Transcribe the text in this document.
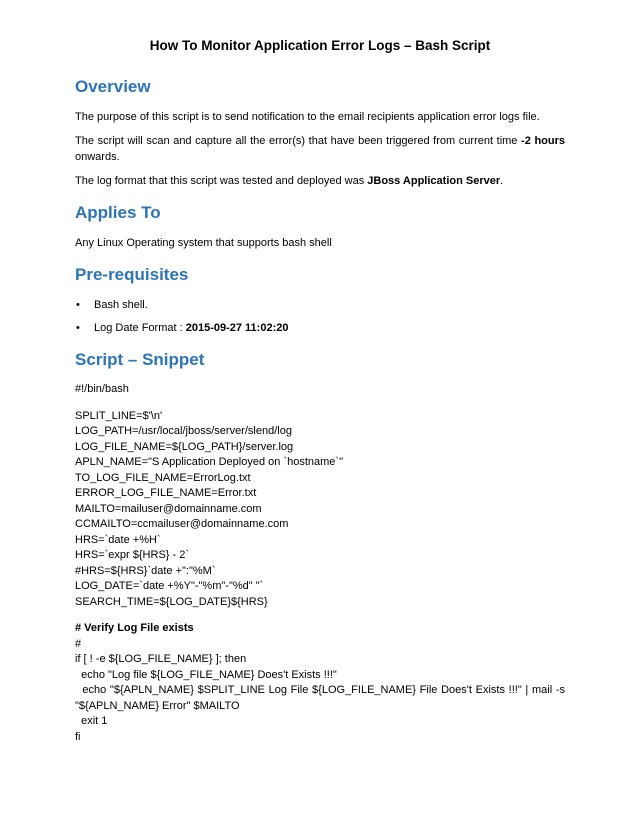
How To Monitor Application Error Logs – Bash Script
Overview

The purpose of this script is to send notification to the email recipients application error logs file.

The script will scan and capture all the error(s) that have been triggered from current time -2 hours onwards.

The log format that this script was tested and deployed was JBoss Application Server.

Applies To

Any Linux Operating system that supports bash shell

Pre-requisites
• Bash shell.
• Log Date Format : 2015-09-27 11:02:20
Script – Snippet
#!/bin/bash
SPLIT_LINE=$'\n'
LOG_PATH=/usr/local/jboss/server/slend/log
LOG_FILE_NAME=${LOG_PATH}/server.log
APLN_NAME="S Application Deployed on `hostname`"
TO_LOG_FILE_NAME=ErrorLog.txt
ERROR_LOG_FILE_NAME=Error.txt
MAILTO=mailuser@domainname.com
CCMAILTO=ccmailuser@domainname.com
HRS=`date +%H`
HRS=`expr ${HRS} - 2`
#HRS=${HRS}`date +":"%M`
LOG_DATE=`date +%Y"-"%m"-"%d" "`
SEARCH_TIME=${LOG_DATE}${HRS}
# Verify Log File exists
#
if [ ! -e ${LOG_FILE_NAME} ]; then
echo "Log file ${LOG_FILE_NAME} Does't Exists !!!"
echo "${APLN_NAME} $SPLIT_LINE Log File ${LOG_FILE_NAME} File Does't Exists !!!" | mail -s "${APLN_NAME} Error" $MAILTO
exit 1
fi
